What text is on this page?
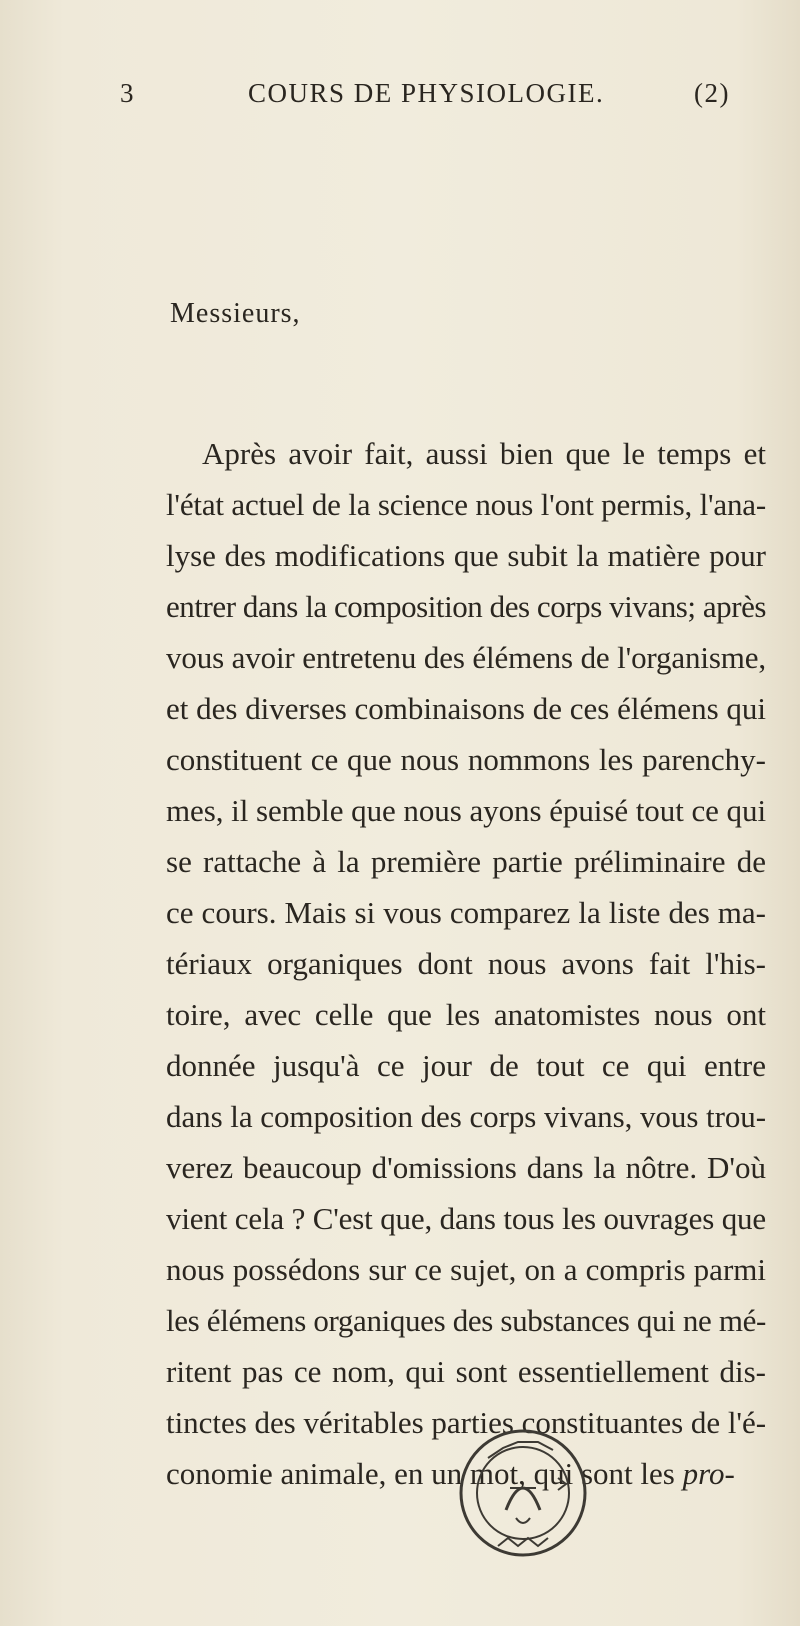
3	COURS DE PHYSIOLOGIE.	(2)
Messieurs,
Après avoir fait, aussi bien que le temps et
l'état actuel de la science nous l'ont permis, l'ana-
lyse des modifications que subit la matière pour
entrer dans la composition des corps vivans; après
vous avoir entretenu des élémens de l'organisme,
et des diverses combinaisons de ces élémens qui
constituent ce que nous nommons les parenchy-
mes, il semble que nous ayons épuisé tout ce qui
se rattache à la première partie préliminaire de
ce cours. Mais si vous comparez la liste des ma-
tériaux organiques dont nous avons fait l'his-
toire, avec celle que les anatomistes nous ont
donnée jusqu'à ce jour de tout ce qui entre
dans la composition des corps vivans, vous trou-
verez beaucoup d'omissions dans la nôtre. D'où
vient cela ? C'est que, dans tous les ouvrages que
nous possédons sur ce sujet, on a compris parmi
les élémens organiques des substances qui ne mé-
ritent pas ce nom, qui sont essentiellement dis-
tinctes des véritables parties constituantes de l'é-
conomie animale, en un mot, qui sont les pro-
